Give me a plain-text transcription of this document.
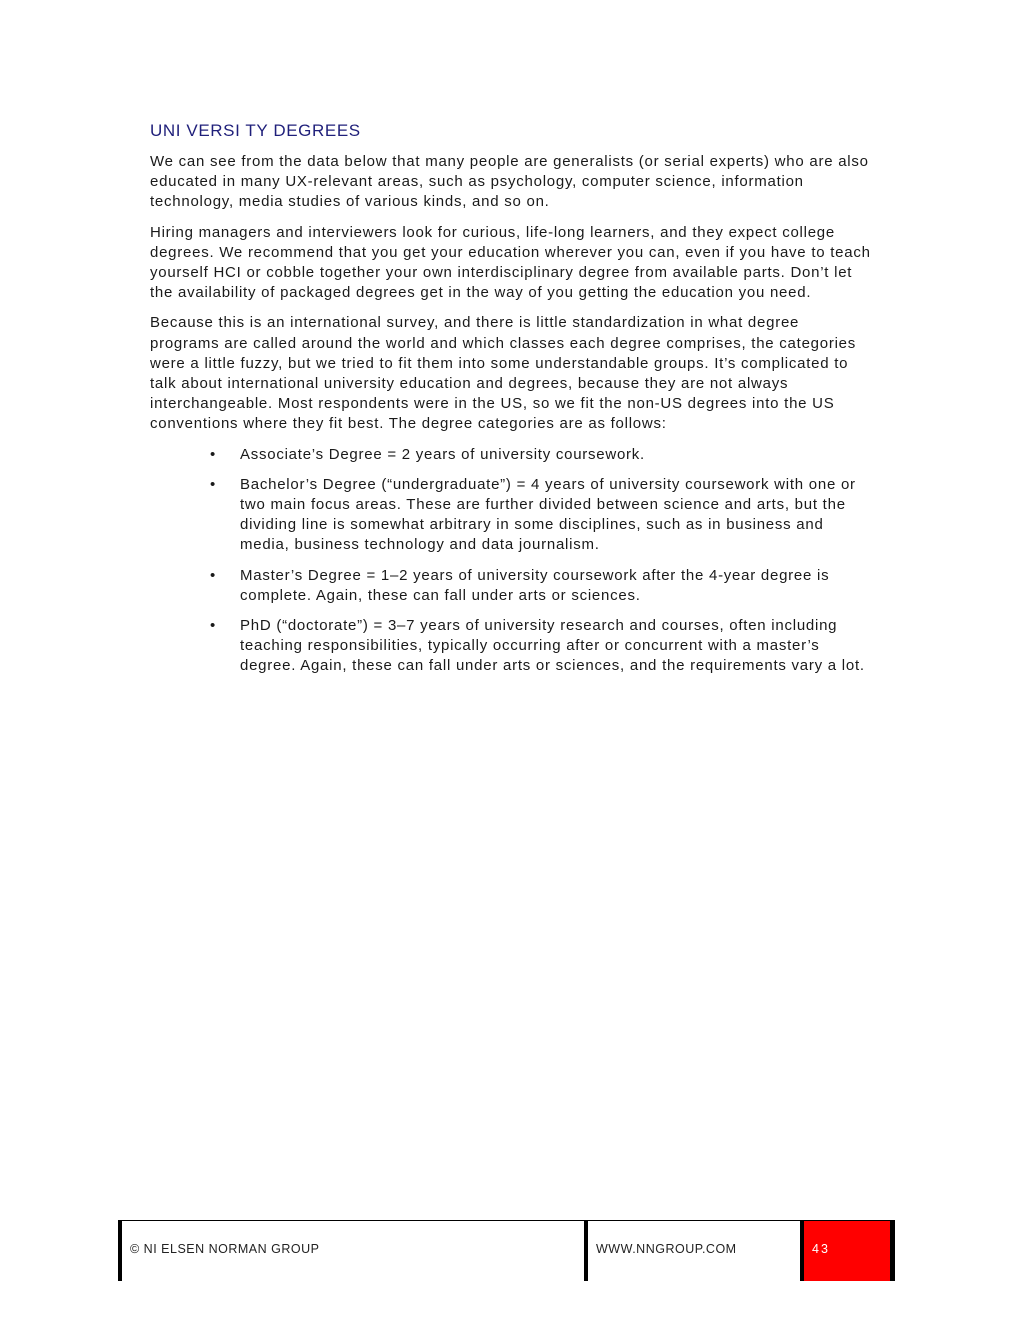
UNI VERSI TY DEGREES

We can see from the data below that many people are generalists (or serial experts) who are also educated in many UX-relevant areas, such as psychology, computer science, information technology, media studies of various kinds, and so on.

Hiring managers and interviewers look for curious, life-long learners, and they expect college degrees. We recommend that you get your education wherever you can, even if you have to teach yourself HCI or cobble together your own interdisciplinary degree from available parts. Don’t let the availability of packaged degrees get in the way of you getting the education you need.

Because this is an international survey, and there is little standardization in what degree programs are called around the world and which classes each degree comprises, the categories were a little fuzzy, but we tried to fit them into some understandable groups. It’s complicated to talk about international university education and degrees, because they are not always interchangeable. Most respondents were in the US, so we fit the non-US degrees into the US conventions where they fit best. The degree categories are as follows:

• Associate’s Degree = 2 years of university coursework.
• Bachelor’s Degree (“undergraduate”) = 4 years of university coursework with one or two main focus areas. These are further divided between science and arts, but the dividing line is somewhat arbitrary in some disciplines, such as in business and media, business technology and data journalism.
• Master’s Degree = 1–2 years of university coursework after the 4-year degree is complete. Again, these can fall under arts or sciences.
• PhD (“doctorate”) = 3–7 years of university research and courses, often including teaching responsibilities, typically occurring after or concurrent with a master’s degree. Again, these can fall under arts or sciences, and the requirements vary a lot.
© NI ELSEN NORMAN GROUP	WWW.NNGROUP.COM	43
